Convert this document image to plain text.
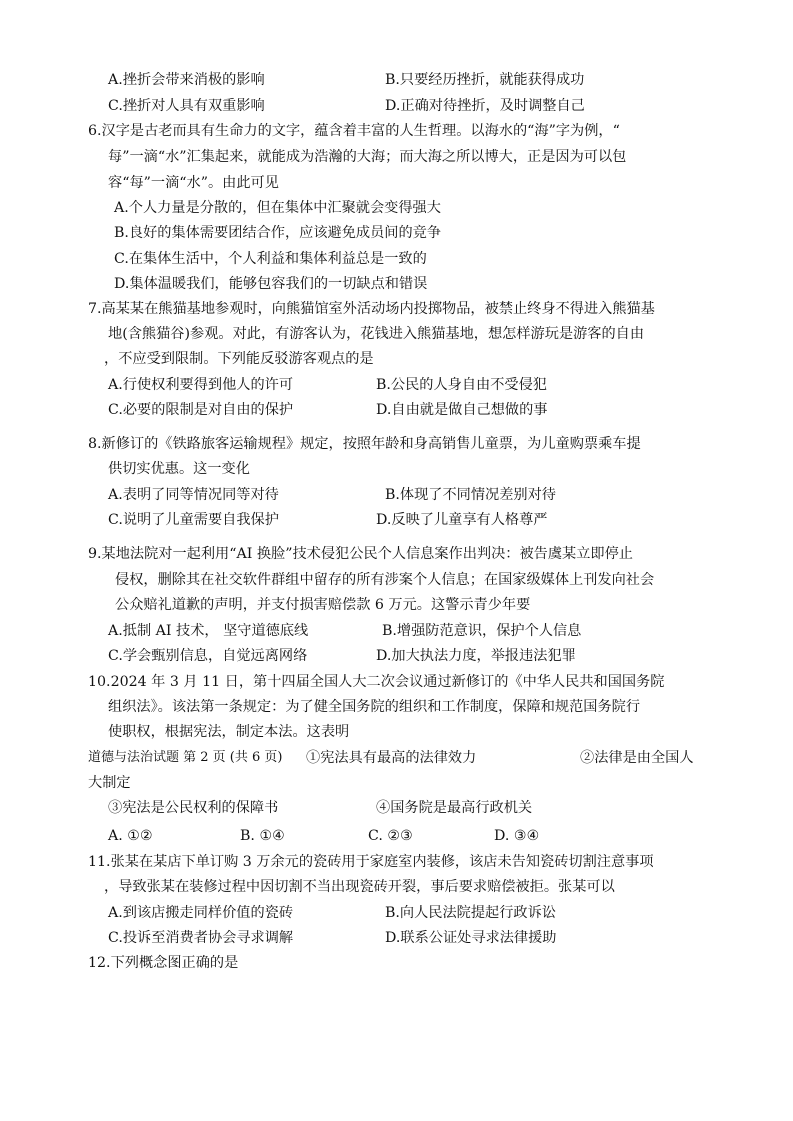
A.挫折会带来消极的影响	B.只要经历挫折，就能获得成功
C.挫折对人具有双重影响	D.正确对待挫折，及时调整自己
6.汉字是古老而具有生命力的文字，蕴含着丰富的人生哲理。以海水的“海”字为例，“
每”一滴“水”汇集起来，就能成为浩瀚的大海；而大海之所以博大，正是因为可以包
容“每”一滴“水”。由此可见
A.个人力量是分散的，但在集体中汇聚就会变得强大
B.良好的集体需要团结合作，应该避免成员间的竞争
C.在集体生活中，个人利益和集体利益总是一致的
D.集体温暖我们，能够包容我们的一切缺点和错误
7.高某某在熊猫基地参观时，向熊猫馆室外活动场内投掷物品，被禁止终身不得进入熊猫基
地(含熊猫谷)参观。对此，有游客认为，花钱进入熊猫基地，想怎样游玩是游客的自由
，不应受到限制。下列能反驳游客观点的是
A.行使权利要得到他人的许可	B.公民的人身自由不受侵犯
C.必要的限制是对自由的保护	D.自由就是做自己想做的事
8.新修订的《铁路旅客运输规程》规定，按照年龄和身高销售儿童票，为儿童购票乘车提
供切实优惠。这一变化
A.表明了同等情况同等对待	B.体现了不同情况差别对待
C.说明了儿童需要自我保护	D.反映了儿童享有人格尊严
9.某地法院对一起利用“AI 换脸”技术侵犯公民个人信息案作出判决：被告虞某立即停止
侵权，删除其在社交软件群组中留存的所有涉案个人信息；在国家级媒体上刊发向社会
公众赔礼道歉的声明，并支付损害赔偿款 6 万元。这警示青少年要
A.抵制 AI 技术， 坚守道德底线	B.增强防范意识，保护个人信息
C.学会甄别信息，自觉远离网络	D.加大执法力度，举报违法犯罪
10.2024 年 3 月 11 日，第十四届全国人大二次会议通过新修订的《中华人民共和国国务院
组织法》。该法第一条规定：为了健全国务院的组织和工作制度，保障和规范国务院行
使职权，根据宪法，制定本法。这表明
道德与法治试题 第 2 页 (共 6 页) ①宪法具有最高的法律效力	②法律是由全国人
大制定
③宪法是公民权利的保障书	④国务院是最高行政机关
A. ①②	B. ①④	C. ②③	D. ③④
11.张某在某店下单订购 3 万余元的瓷砖用于家庭室内装修，该店未告知瓷砖切割注意事项
，导致张某在装修过程中因切割不当出现瓷砖开裂，事后要求赔偿被拒。张某可以
A.到该店搬走同样价值的瓷砖	B.向人民法院提起行政诉讼
C.投诉至消费者协会寻求调解	D.联系公证处寻求法律援助
12.下列概念图正确的是
